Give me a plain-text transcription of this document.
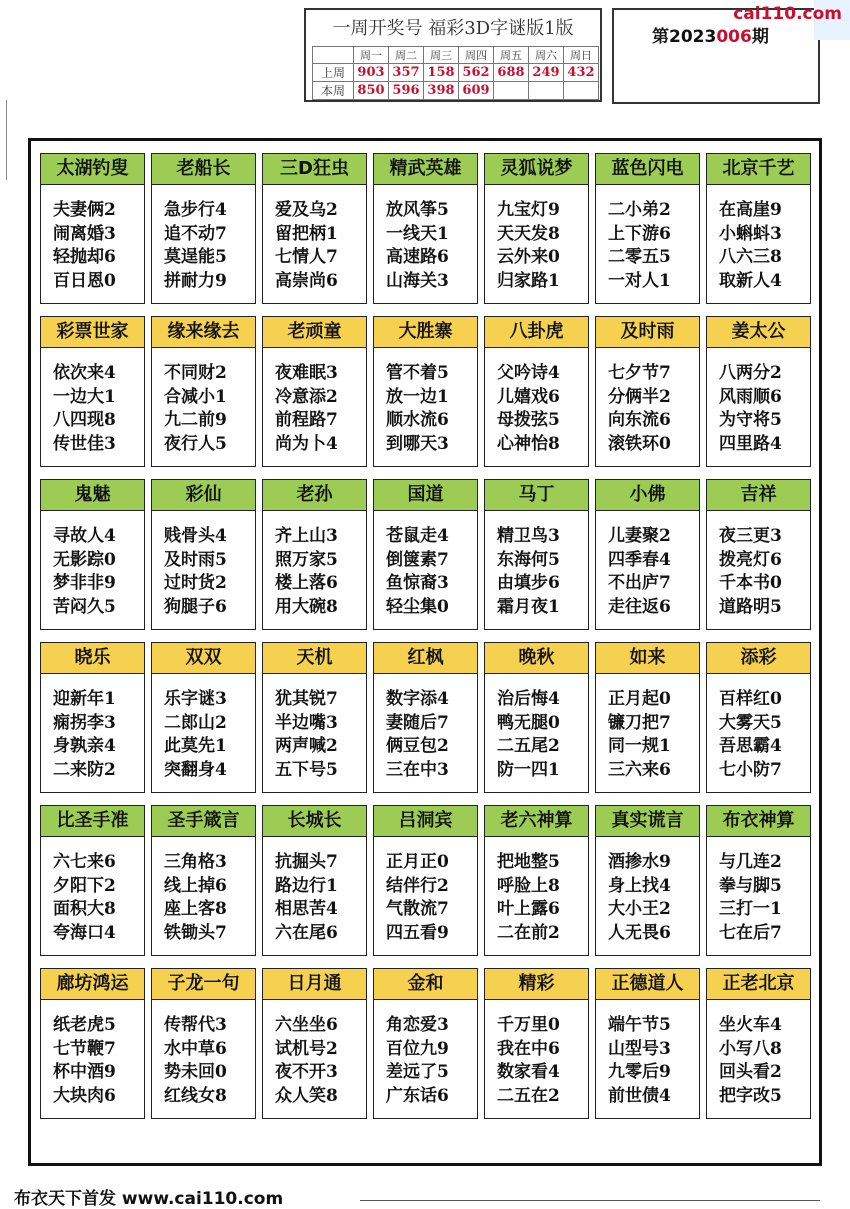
一周开奖号 福彩3D字谜版1版
	周一	周二	周三	周四	周五	周六	周日
上周	903	357	158	562	688	249	432
本周	850	596	398	609			
第2023006期
cai110.com
太湖钓叟
夫妻俩2
闹离婚3
轻抛却6
百日恩0
老船长
急步行4
追不动7
莫逞能5
拼耐力9
三D狂虫
爱及乌2
留把柄1
七情人7
高崇尚6
精武英雄
放风筝5
一线天1
高速路6
山海关3
灵狐说梦
九宝灯9
天天发8
云外来0
归家路1
蓝色闪电
二小弟2
上下游6
二零五5
一对人1
北京千艺
在高崖9
小蝌蚪3
八六三8
取新人4
彩票世家
依次来4
一边大1
八四现8
传世佳3
缘来缘去
不同财2
合减小1
九二前9
夜行人5
老顽童
夜难眠3
冷意添2
前程路7
尚为卜4
大胜寨
管不着5
放一边1
顺水流6
到哪天3
八卦虎
父吟诗4
儿嬉戏6
母拨弦5
心神怡8
及时雨
七夕节7
分俩半2
向东流6
滚铁环0
姜太公
八两分2
风雨顺6
为守将5
四里路4
鬼魅
寻故人4
无影踪0
梦非非9
苦闷久5
彩仙
贱骨头4
及时雨5
过时货2
狗腿子6
老孙
齐上山3
照万家5
楼上落6
用大碗8
国道
苍鼠走4
倒箧素7
鱼惊裔3
轻尘集0
马丁
精卫鸟3
东海何5
由填步6
霜月夜1
小佛
儿妻聚2
四季春4
不出庐7
走往返6
吉祥
夜三更3
拨亮灯6
千本书0
道路明5
晓乐
迎新年1
痫拐李3
身孰亲4
二来防2
双双
乐字谜3
二郎山2
此莫先1
突翻身4
天机
犹其锐7
半边嘴3
两声喊2
五下号5
红枫
数字添4
妻随后7
俩豆包2
三在中3
晚秋
治后悔4
鸭无腿0
二五尾2
防一四1
如来
正月起0
镰刀把7
同一规1
三六来6
添彩
百样红0
大雾天5
吾思霸4
七小防7
比圣手准
六七来6
夕阳下2
面积大8
夸海口4
圣手箴言
三角格3
线上掉6
座上客8
铁锄头7
长城长
抗掘头7
路边行1
相思苦4
六在尾6
吕洞宾
正月正0
结伴行2
气散流7
四五看9
老六神算
把地整5
呼脸上8
叶上露6
二在前2
真实谎言
酒掺水9
身上找4
大小王2
人无畏6
布衣神算
与几连2
拳与脚5
三打一1
七在后7
廊坊鸿运
纸老虎5
七节鞭7
杯中酒9
大块肉6
子龙一句
传帮代3
水中草6
势未回0
红线女8
日月通
六坐坐6
试机号2
夜不开3
众人笑8
金和
角恋爱3
百位九9
差远了5
广东话6
精彩
千万里0
我在中6
数家看4
二五在2
正德道人
端午节5
山型号3
九零后9
前世债4
正老北京
坐火车4
小写八8
回头看2
把字改5
布衣天下首发 www.cai110.com
